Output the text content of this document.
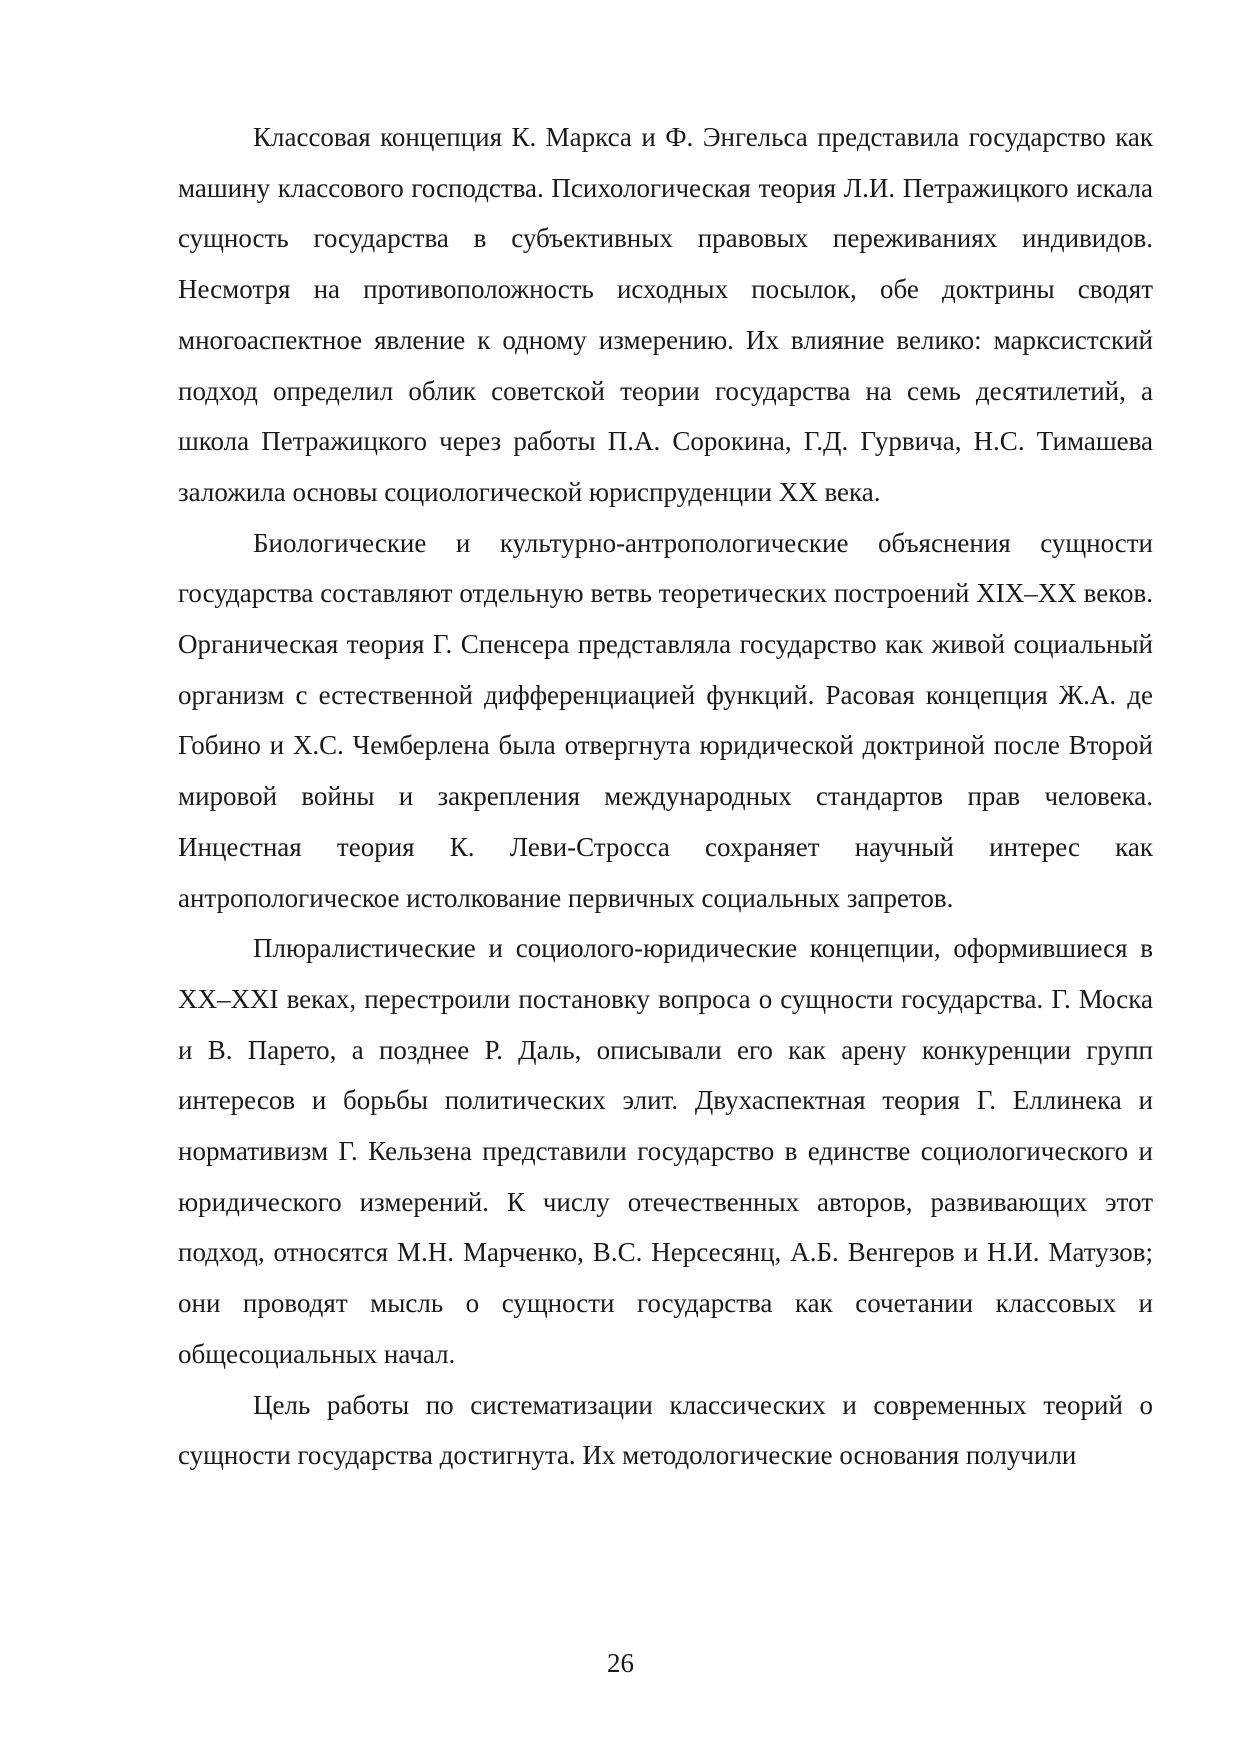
Классовая концепция К. Маркса и Ф. Энгельса представила государство как машину классового господства. Психологическая теория Л.И. Петражицкого искала сущность государства в субъективных правовых переживаниях индивидов. Несмотря на противоположность исходных посылок, обе доктрины сводят многоаспектное явление к одному измерению. Их влияние велико: марксистский подход определил облик советской теории государства на семь десятилетий, а школа Петражицкого через работы П.А. Сорокина, Г.Д. Гурвича, Н.С. Тимашева заложила основы социологической юриспруденции XX века.

Биологические и культурно-антропологические объяснения сущности государства составляют отдельную ветвь теоретических построений XIX–XX веков. Органическая теория Г. Спенсера представляла государство как живой социальный организм с естественной дифференциацией функций. Расовая концепция Ж.А. де Гобино и Х.С. Чемберлена была отвергнута юридической доктриной после Второй мировой войны и закрепления международных стандартов прав человека. Инцестная теория К. Леви-Стросса сохраняет научный интерес как антропологическое истолкование первичных социальных запретов.

Плюралистические и социолого-юридические концепции, оформившиеся в XX–XXI веках, перестроили постановку вопроса о сущности государства. Г. Моска и В. Парето, а позднее Р. Даль, описывали его как арену конкуренции групп интересов и борьбы политических элит. Двухаспектная теория Г. Еллинека и нормативизм Г. Кельзена представили государство в единстве социологического и юридического измерений. К числу отечественных авторов, развивающих этот подход, относятся М.Н. Марченко, В.С. Нерсесянц, А.Б. Венгеров и Н.И. Матузов; они проводят мысль о сущности государства как сочетании классовых и общесоциальных начал.

Цель работы по систематизации классических и современных теорий о сущности государства достигнута. Их методологические основания получили

26
